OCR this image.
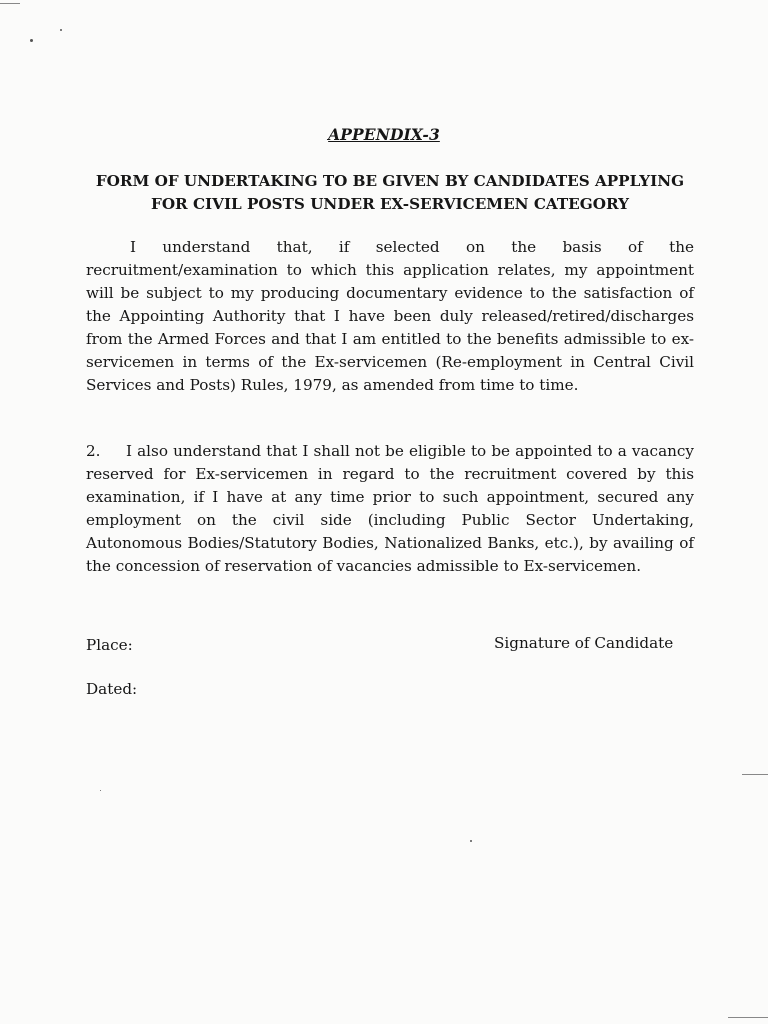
APPENDIX-3
FORM OF UNDERTAKING TO BE GIVEN BY CANDIDATES APPLYING
FOR CIVIL POSTS UNDER EX-SERVICEMEN CATEGORY

I understand that, if selected on the basis of the recruitment/examination to which this application relates, my appointment will be subject to my producing documentary evidence to the satisfaction of the Appointing Authority that I have been duly released/retired/discharges from the Armed Forces and that I am entitled to the benefits admissible to ex-servicemen in terms of the Ex-servicemen (Re-employment in Central Civil Services and Posts) Rules, 1979, as amended from time to time.

2. I also understand that I shall not be eligible to be appointed to a vacancy reserved for Ex-servicemen in regard to the recruitment covered by this examination, if I have at any time prior to such appointment, secured any employment on the civil side (including Public Sector Undertaking, Autonomous Bodies/Statutory Bodies, Nationalized Banks, etc.), by availing of the concession of reservation of vacancies admissible to Ex-servicemen.

Place:
Dated:
Signature of Candidate
